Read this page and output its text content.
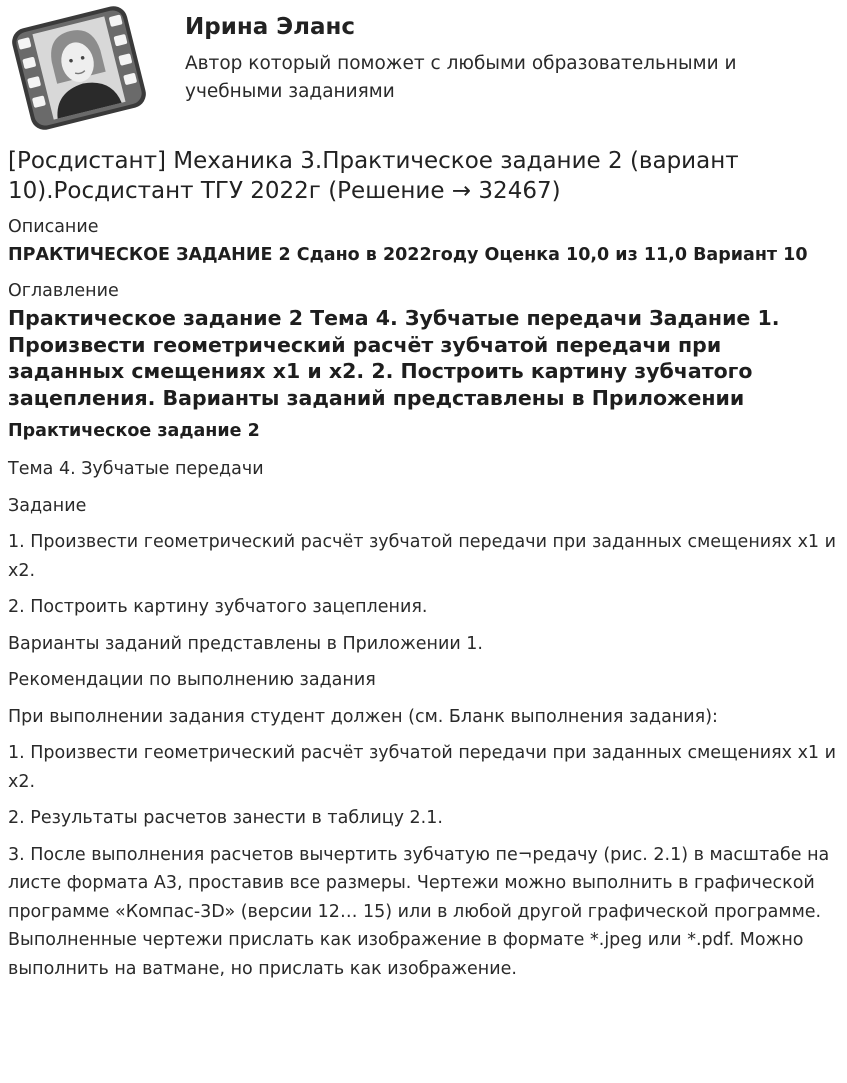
Ирина Эланс
Автор который поможет с любыми образовательными и учебными заданиями
[Росдистант] Механика 3.Практическое задание 2 (вариант 10).Росдистант ТГУ 2022г (Решение → 32467)
Описание
ПРАКТИЧЕСКОЕ ЗАДАНИЕ 2 Сдано в 2022году Оценка 10,0 из 11,0 Вариант 10
Оглавление
Практическое задание 2 Тема 4. Зубчатые передачи Задание 1. Произвести геометрический расчёт зубчатой передачи при заданных смещениях x1 и x2. 2. Построить картину зубчатого зацепления. Варианты заданий представлены в Приложении
Практическое задание 2
Тема 4. Зубчатые передачи
Задание
1. Произвести геометрический расчёт зубчатой передачи при заданных смещениях x1 и x2.
2. Построить картину зубчатого зацепления.
Варианты заданий представлены в Приложении 1.
Рекомендации по выполнению задания
При выполнении задания студент должен (см. Бланк выполнения задания):
1. Произвести геометрический расчёт зубчатой передачи при заданных смещениях x1 и x2.
2. Результаты расчетов занести в таблицу 2.1.
3. После выполнения расчетов вычертить зубчатую пе¬редачу (рис. 2.1) в масштабе на листе формата А3, проставив все размеры. Чертежи можно выполнить в графической программе «Компас-3D» (версии 12… 15) или в любой другой графической программе. Выполненные чертежи прислать как изображение в формате *.jpeg или *.pdf. Можно выполнить на ватмане, но прислать как изображение.
